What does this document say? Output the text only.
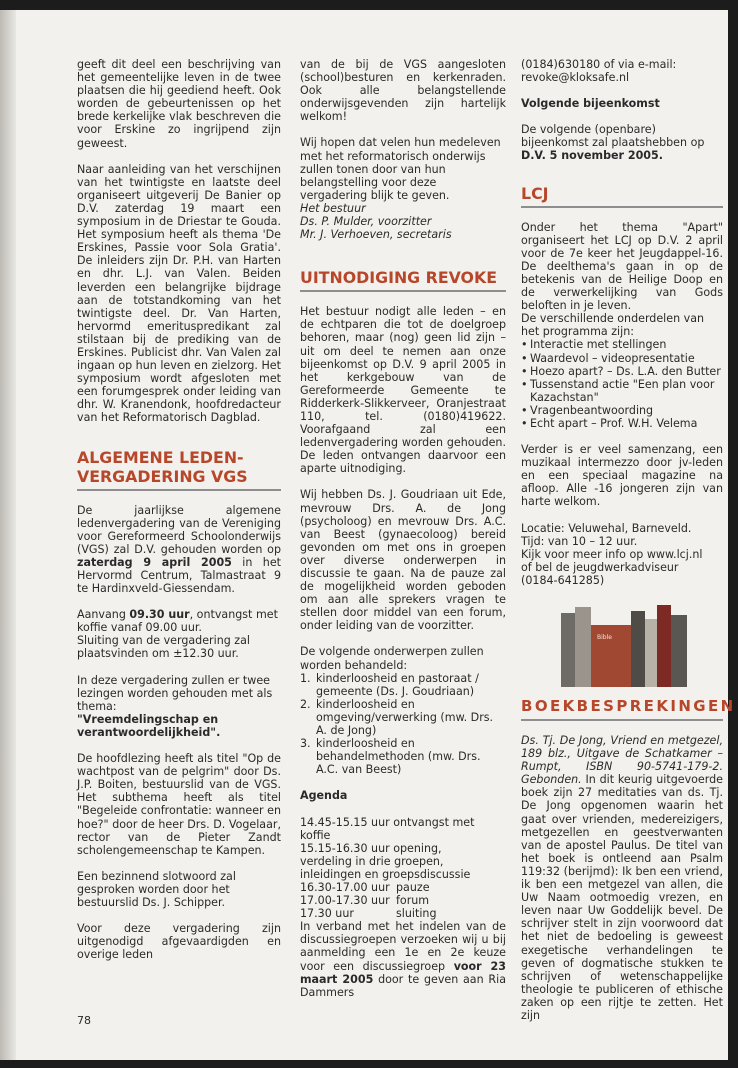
geeft dit deel een beschrijving van het gemeentelijke leven in de twee plaatsen die hij geediend heeft. Ook worden de gebeurtenissen op het brede kerkelijke vlak beschreven die voor Erskine zo ingrijpend zijn geweest.

Naar aanleiding van het verschijnen van het twintigste en laatste deel organiseert uitgeverij De Banier op D.V. zaterdag 19 maart een symposium in de Driestar te Gouda. Het symposium heeft als thema 'De Erskines, Passie voor Sola Gratia'. De inleiders zijn Dr. P.H. van Harten en dhr. L.J. van Valen. Beiden leverden een belangrijke bijdrage aan de totstandkoming van het twintigste deel. Dr. Van Harten, hervormd emerituspredikant zal stilstaan bij de prediking van de Erskines. Publicist dhr. Van Valen zal ingaan op hun leven en zielzorg. Het symposium wordt afgesloten met een forumgesprek onder leiding van dhr. W. Kranendonk, hoofdredacteur van het Reformatorisch Dagblad.

ALGEMENE LEDEN-VERGADERING VGS

De jaarlijkse algemene ledenvergadering van de Vereniging voor Gereformeerd Schoolonderwijs (VGS) zal D.V. gehouden worden op zaterdag 9 april 2005 in het Hervormd Centrum, Talmastraat 9 te Hardinxveld-Giessendam.

Aanvang 09.30 uur, ontvangst met koffie vanaf 09.00 uur.

Sluiting van de vergadering zal plaatsvinden om ±12.30 uur.

In deze vergadering zullen er twee lezingen worden gehouden met als thema:

"Vreemdelingschap en verantwoordelijkheid".

De hoofdlezing heeft als titel "Op de wachtpost van de pelgrim" door Ds. J.P. Boiten, bestuurslid van de VGS. Het subthema heeft als titel "Begeleide confrontatie: wanneer en hoe?" door de heer Drs. D. Vogelaar, rector van de Pieter Zandt scholengemeenschap te Kampen.

Een bezinnend slotwoord zal gesproken worden door het bestuurslid Ds. J. Schipper.

Voor deze vergadering zijn uitgenodigd afgevaardigden en overige leden

van de bij de VGS aangesloten (school)besturen en kerkenraden. Ook alle belangstellende onderwijsgevenden zijn hartelijk welkom!

Wij hopen dat velen hun medeleven met het reformatorisch onderwijs zullen tonen door van hun belangstelling voor deze vergadering blijk te geven.

Het bestuur

Ds. P. Mulder, voorzitter

Mr. J. Verhoeven, secretaris

UITNODIGING REVOKE

Het bestuur nodigt alle leden – en de echtparen die tot de doelgroep behoren, maar (nog) geen lid zijn – uit om deel te nemen aan onze bijeenkomst op D.V. 9 april 2005 in het kerkgebouw van de Gereformeerde Gemeente te Ridderkerk-Slikkerveer, Oranjestraat 110, tel. (0180)419622. Voorafgaand zal een ledenvergadering worden gehouden. De leden ontvangen daarvoor een aparte uitnodiging.

Wij hebben Ds. J. Goudriaan uit Ede, mevrouw Drs. A. de Jong (psycholoog) en mevrouw Drs. A.C. van Beest (gynaecoloog) bereid gevonden om met ons in groepen over diverse onderwerpen in discussie te gaan. Na de pauze zal de mogelijkheid worden geboden om aan alle sprekers vragen te stellen door middel van een forum, onder leiding van de voorzitter.

De volgende onderwerpen zullen worden behandeld:

1. kinderloosheid en pastoraat / gemeente (Ds. J. Goudriaan)
2. kinderloosheid en omgeving/verwerking (mw. Drs. A. de Jong)
3. kinderloosheid en behandelmethoden (mw. Drs. A.C. van Beest)

Agenda

14.45-15.15 uur ontvangst met koffie

15.15-16.30 uur opening,

verdeling in drie groepen, inleidingen en groepsdiscussie

16.30-17.00 uur pauze
17.00-17.30 uur forum
17.30 uur	sluiting

In verband met het indelen van de discussiegroepen verzoeken wij u bij aanmelding een 1e en 2e keuze voor een discussiegroep voor 23 maart 2005 door te geven aan Ria Dammers

(0184)630180 of via e-mail: revoke@kloksafe.nl

Volgende bijeenkomst

De volgende (openbare) bijeenkomst zal plaatshebben op D.V. 5 november 2005.

LCJ

Onder het thema "Apart" organiseert het LCJ op D.V. 2 april voor de 7e keer het Jeugdappel-16. De deelthema's gaan in op de betekenis van de Heilige Doop en de verwerkelijking van Gods beloften in je leven.

De verschillende onderdelen van het programma zijn:

• Interactie met stellingen
• Waardevol – videopresentatie
• Hoezo apart? – Ds. L.A. den Butter
• Tussenstand actie "Een plan voor Kazachstan"
• Vragenbeantwoording
• Echt apart – Prof. W.H. Velema

Verder is er veel samenzang, een muzikaal intermezzo door jv-leden en een speciaal magazine na afloop. Alle -16 jongeren zijn van harte welkom.

Locatie: Veluwehal, Barneveld.

Tijd: van 10 – 12 uur.

Kijk voor meer info op www.lcj.nl

of bel de jeugdwerkadviseur

(0184-641285)

Bible
BOEKBESPREKINGEN

Ds. Tj. De Jong, Vriend en metgezel, 189 blz., Uitgave de Schatkamer – Rumpt, ISBN 90-5741-179-2. Gebonden. In dit keurig uitgevoerde boek zijn 27 meditaties van ds. Tj. De Jong opgenomen waarin het gaat over vrienden, medereizigers, metgezellen en geestverwanten van de apostel Paulus. De titel van het boek is ontleend aan Psalm 119:32 (berijmd): Ik ben een vriend, ik ben een metgezel van allen, die Uw Naam ootmoedig vrezen, en leven naar Uw Goddelijk bevel. De schrijver stelt in zijn voorwoord dat het niet de bedoeling is geweest exegetische verhandelingen te geven of dogmatische stukken te schrijven of wetenschappelijke theologie te publiceren of ethische zaken op een rijtje te zetten. Het zijn

78
